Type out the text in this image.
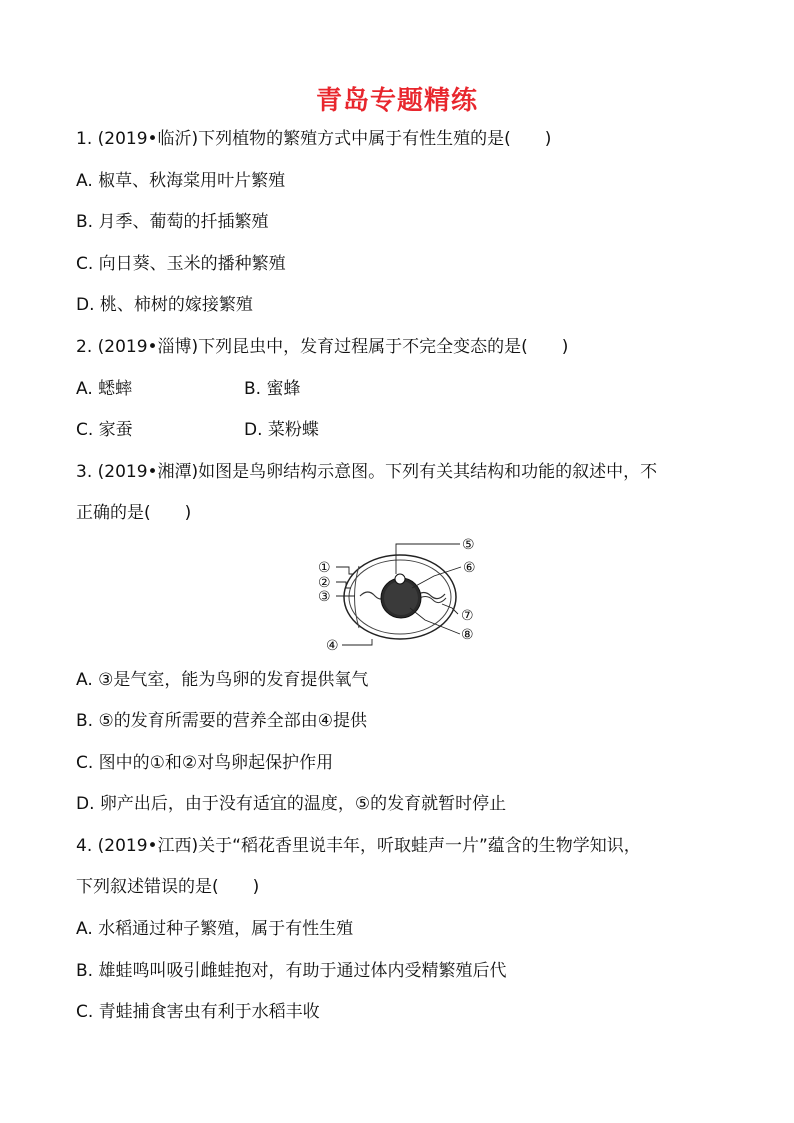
青岛专题精练
1. (2019•临沂)下列植物的繁殖方式中属于有性生殖的是(　　)
A. 椒草、秋海棠用叶片繁殖
B. 月季、葡萄的扦插繁殖
C. 向日葵、玉米的播种繁殖
D. 桃、柿树的嫁接繁殖
2. (2019•淄博)下列昆虫中，发育过程属于不完全变态的是(　　)
A. 蟋蟀	B. 蜜蜂
C. 家蚕	D. 菜粉蝶
3. (2019•湘潭)如图是鸟卵结构示意图。下列有关其结构和功能的叙述中，不
正确的是(　　)
①
②
③
④
⑤
⑥
⑦
⑧
A. ③是气室，能为鸟卵的发育提供氧气
B. ⑤的发育所需要的营养全部由④提供
C. 图中的①和②对鸟卵起保护作用
D. 卵产出后，由于没有适宜的温度，⑤的发育就暂时停止
4. (2019•江西)关于“稻花香里说丰年，听取蛙声一片”蕴含的生物学知识，
下列叙述错误的是(　　)
A. 水稻通过种子繁殖，属于有性生殖
B. 雄蛙鸣叫吸引雌蛙抱对，有助于通过体内受精繁殖后代
C. 青蛙捕食害虫有利于水稻丰收
